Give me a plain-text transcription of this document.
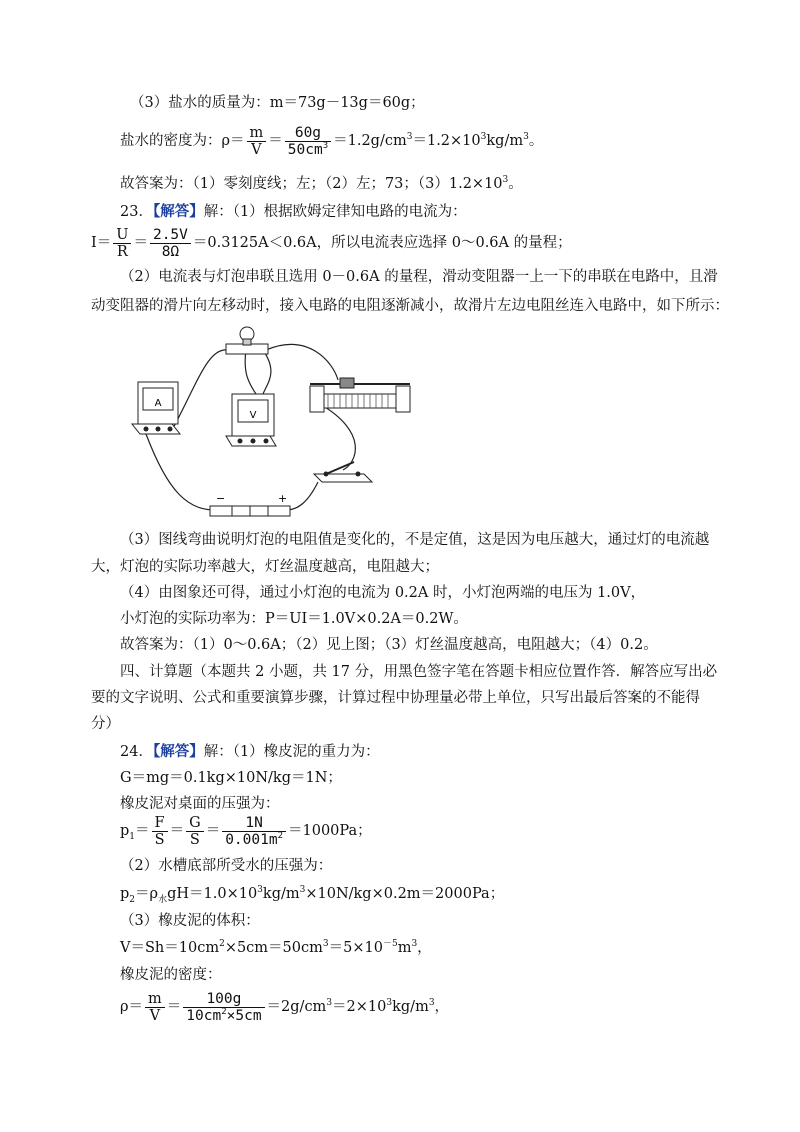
（3）盐水的质量为：m＝73g－13g＝60g；
盐水的密度为：$\rho= \frac{m}{V} = \frac{60g}{50cm^3} =1.2g/cm^3=1.2\times 10^3kg/m^3$。
故答案为：（1）零刻度线；左；（2）左；73；$(3)1.2\times 10^3$。
23．【解答】解：（1）根据欧姆定律知电路的电流为：
$I= \frac{U}{R} = \frac{2.5V}{8\Omega} =0.3125A<0.6A$，所以电流表应选择 0～0.6A 的量程；
（2）电流表与灯泡串联且选用 0－0.6A 的量程，滑动变阻器一上一下的串联在电路中，且滑
动变阻器的滑片向左移动时，接入电路的电阻逐渐减小，故滑片左边电阻丝连入电路中，如下所示：
A
V
−	+
（3）图线弯曲说明灯泡的电阻值是变化的，不是定值，这是因为电压越大，通过灯的电流越
大，灯泡的实际功率越大，灯丝温度越高，电阻越大；
（4）由图象还可得，通过小灯泡的电流为 0.2A 时，小灯泡两端的电压为 1.0V，
小灯泡的实际功率为：P＝UI＝1.0V×0.2A＝0.2W。
故答案为：（1）0～0.6A；（2）见上图；（3）灯丝温度越高，电阻越大；（4）0.2。
四、计算题（本题共 2 小题，共 17 分，用黑色签字笔在答题卡相应位置作答．解答应写出必
要的文字说明、公式和重要演算步骤，计算过程中协理量必带上单位，只写出最后答案的不能得
分）
24．【解答】解：（1）橡皮泥的重力为：
G＝mg＝0.1kg×10N/kg＝1N；
橡皮泥对桌面的压强为：
$p_1= \frac{F}{S} = \frac{G}{S} = \frac{1N}{0.001m^2} =1000Pa$；
（2）水槽底部所受水的压强为：
$p_2=\rho_水gH=1.0\times 10^3kg/m^3\times 10N/kg\times 0.2m=2000Pa$；
（3）橡皮泥的体积：
$V=Sh=10cm^2\times 5cm=50cm^3=5\times 10^{-5}m^3$，
橡皮泥的密度：
$\rho= \frac{m}{V} = \frac{100g}{10cm^2\times 5cm} =2g/cm^3=2\times 10^3kg/m^3$，
